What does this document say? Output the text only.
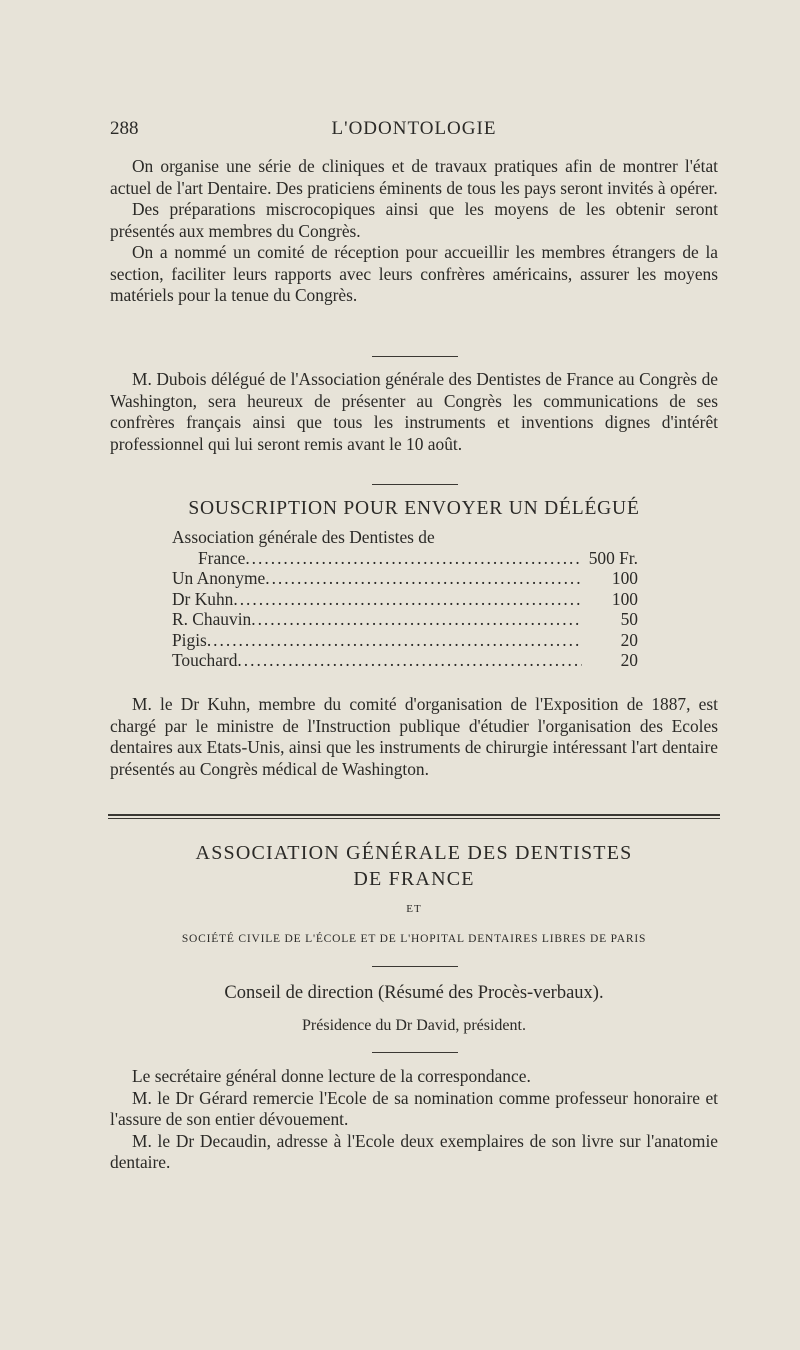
288	L'ODONTOLOGIE

On organise une série de cliniques et de travaux pratiques afin de montrer l'état actuel de l'art Dentaire. Des praticiens éminents de tous les pays seront invités à opérer.

Des préparations miscrocopiques ainsi que les moyens de les obtenir seront présentés aux membres du Congrès.

On a nommé un comité de réception pour accueillir les membres étrangers de la section, faciliter leurs rapports avec leurs confrères américains, assurer les moyens matériels pour la tenue du Congrès.

M. Dubois délégué de l'Association générale des Dentistes de France au Congrès de Washington, sera heureux de présenter au Congrès les communications de ses confrères français ainsi que tous les instruments et inventions dignes d'intérêt professionnel qui lui seront remis avant le 10 août.

SOUSCRIPTION POUR ENVOYER UN DÉLÉGUÉ
Association générale des Dentistes de
France .....	500 Fr.
Un Anonyme .....	100
Dr Kuhn .....	100
R. Chauvin .....	50
Pigis .....	20
Touchard .....	20

M. le Dr Kuhn, membre du comité d'organisation de l'Exposition de 1887, est chargé par le ministre de l'Instruction publique d'étudier l'organisation des Ecoles dentaires aux Etats-Unis, ainsi que les instruments de chirurgie intéressant l'art dentaire présentés au Congrès médical de Washington.

ASSOCIATION GÉNÉRALE DES DENTISTES
DE FRANCE
ET
SOCIÉTÉ CIVILE DE L'ÉCOLE ET DE L'HOPITAL DENTAIRES LIBRES DE PARIS
Conseil de direction (Résumé des Procès-verbaux).
Présidence du Dr David, président.

Le secrétaire général donne lecture de la correspondance.

M. le Dr Gérard remercie l'Ecole de sa nomination comme professeur honoraire et l'assure de son entier dévouement.

M. le Dr Decaudin, adresse à l'Ecole deux exemplaires de son livre sur l'anatomie dentaire.
